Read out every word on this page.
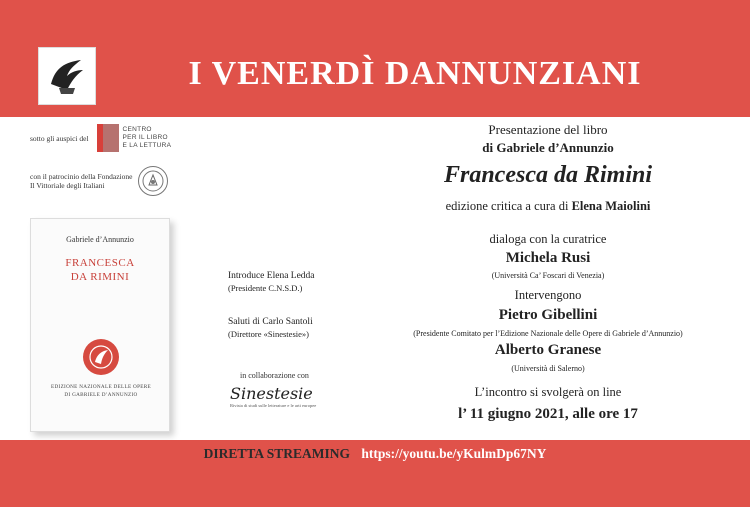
I VENERDÌ DANNUNZIANI
sotto gli auspici del
CENTRO
PER IL LIBRO
E LA LETTURA
con il patrocinio della Fondazione
Il Vittoriale degli Italiani
Gabriele d’Annunzio
FRANCESCA
DA RIMINI
EDIZIONE NAZIONALE DELLE OPERE
DI GABRIELE D’ANNUNZIO
Introduce Elena Ledda
(Presidente C.N.S.D.)
Saluti di Carlo Santoli
(Direttore «Sinestesie»)
in collaborazione con
Sinestesie
Rivista di studi sulle letterature e le arti europee
Presentazione del libro
di Gabriele d’Annunzio
Francesca da Rimini
edizione critica a cura di Elena Maiolini
dialoga con la curatrice
Michela Rusi
(Università Ca’ Foscari di Venezia)
Intervengono
Pietro Gibellini
(Presidente Comitato per l’Edizione Nazionale delle Opere di Gabriele d’Annunzio)
Alberto Granese
(Università di Salerno)
L’incontro si svolgerà on line
l’ 11 giugno 2021, alle ore 17
DIRETTA STREAMING https://youtu.be/yKulmDp67NY
